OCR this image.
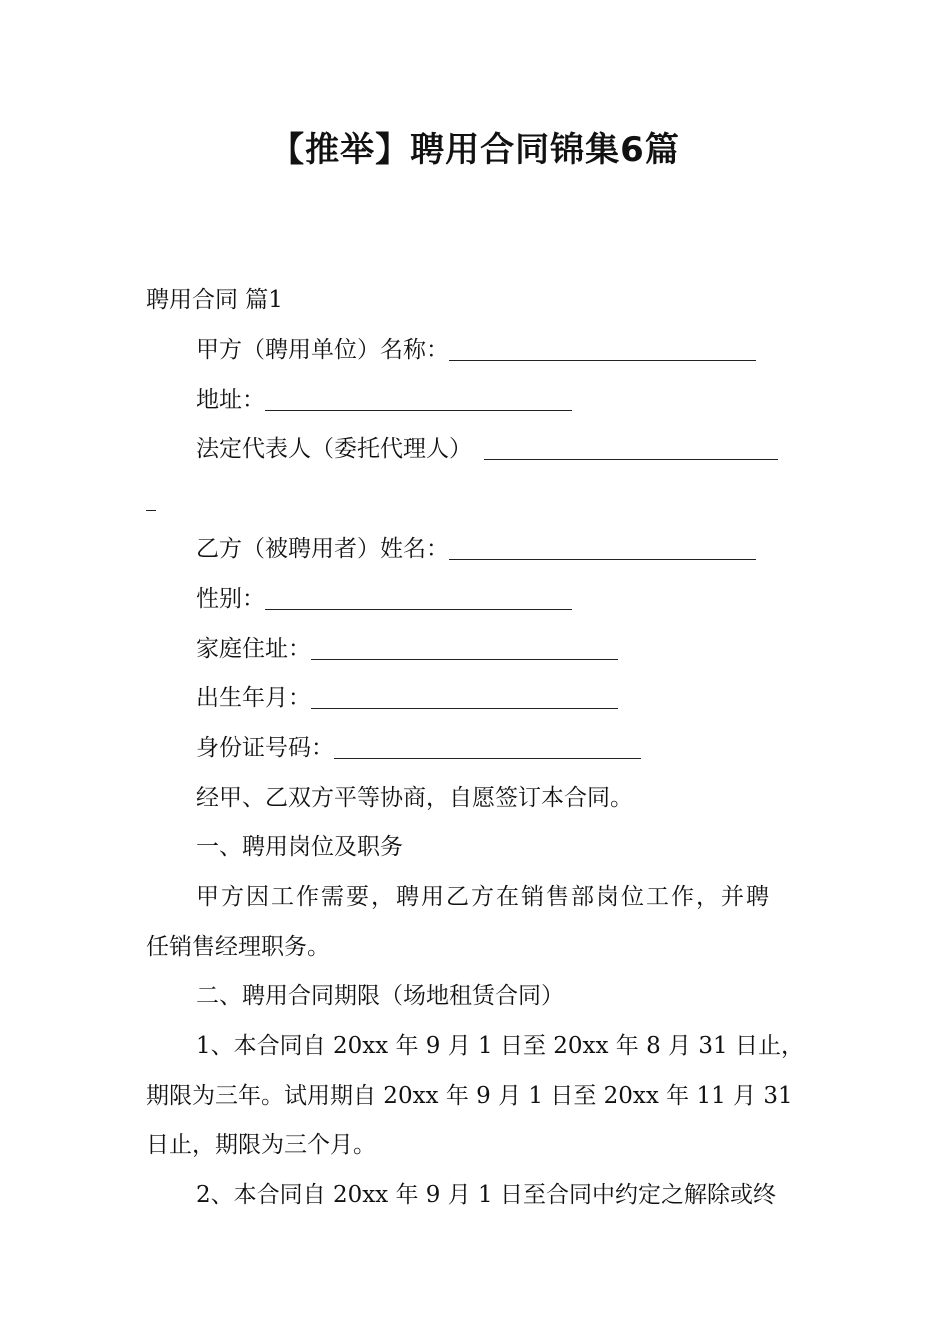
【推举】聘用合同锦集6篇
聘用合同 篇1
甲方（聘用单位）名称：
地址：
法定代表人（委托代理人）
乙方（被聘用者）姓名：
性别：
家庭住址：
出生年月：
身份证号码：
经甲、乙双方平等协商，自愿签订本合同。
一、聘用岗位及职务
甲方因工作需要，聘用乙方在销售部岗位工作，并聘
任销售经理职务。
二、聘用合同期限（场地租赁合同）
1、本合同自 20xx 年 9 月 1 日至 20xx 年 8 月 31 日止，
期限为三年。试用期自 20xx 年 9 月 1 日至 20xx 年 11 月 31
日止，期限为三个月。
2、本合同自 20xx 年 9 月 1 日至合同中约定之解除或终
